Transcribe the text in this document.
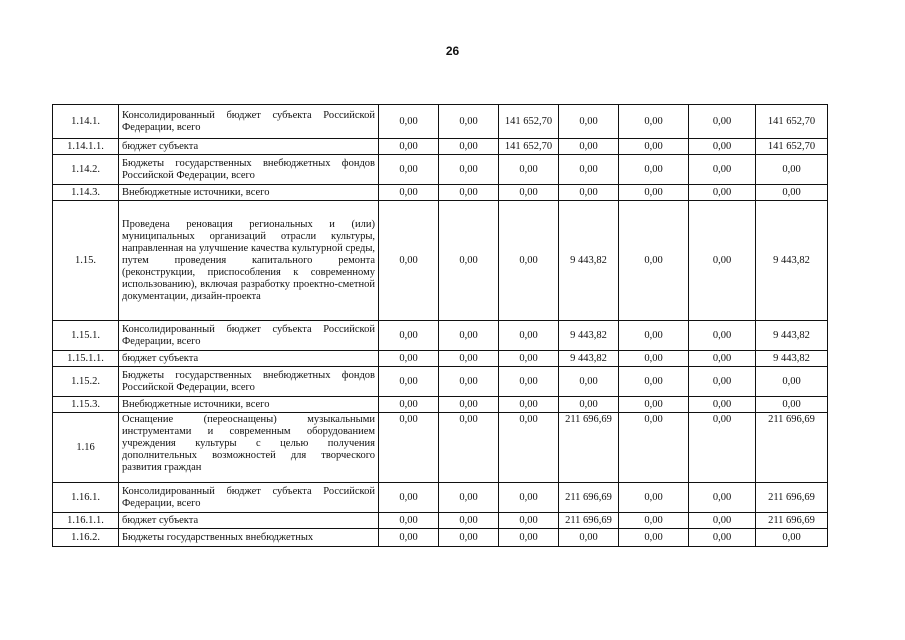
26
1.14.1.	Консолидированный бюджет субъекта Российской Федерации, всего	0,00	0,00	141 652,70	0,00	0,00	0,00	141 652,70
1.14.1.1.	бюджет субъекта	0,00	0,00	141 652,70	0,00	0,00	0,00	141 652,70
1.14.2.	Бюджеты государственных внебюджетных фондов Российской Федерации, всего	0,00	0,00	0,00	0,00	0,00	0,00	0,00
1.14.3.	Внебюджетные источники, всего	0,00	0,00	0,00	0,00	0,00	0,00	0,00
1.15.	Проведена реновация региональных и (или) муниципальных организаций отрасли культуры, направленная на улучшение качества культурной среды, путем проведения капитального ремонта (реконструкции, приспособления к современному использованию), включая разработку проектно-сметной документации, дизайн-проекта	0,00	0,00	0,00	9 443,82	0,00	0,00	9 443,82
1.15.1.	Консолидированный бюджет субъекта Российской Федерации, всего	0,00	0,00	0,00	9 443,82	0,00	0,00	9 443,82
1.15.1.1.	бюджет субъекта	0,00	0,00	0,00	9 443,82	0,00	0,00	9 443,82
1.15.2.	Бюджеты государственных внебюджетных фондов Российской Федерации, всего	0,00	0,00	0,00	0,00	0,00	0,00	0,00
1.15.3.	Внебюджетные источники, всего	0,00	0,00	0,00	0,00	0,00	0,00	0,00
1.16	Оснащение (переоснащены) музыкальными инструментами и современным оборудованием учреждения культуры с целью получения дополнительных возможностей для творческого развития граждан	0,00	0,00	0,00	211 696,69	0,00	0,00	211 696,69
1.16.1.	Консолидированный бюджет субъекта Российской Федерации, всего	0,00	0,00	0,00	211 696,69	0,00	0,00	211 696,69
1.16.1.1.	бюджет субъекта	0,00	0,00	0,00	211 696,69	0,00	0,00	211 696,69
1.16.2.	Бюджеты государственных внебюджетных	0,00	0,00	0,00	0,00	0,00	0,00	0,00
